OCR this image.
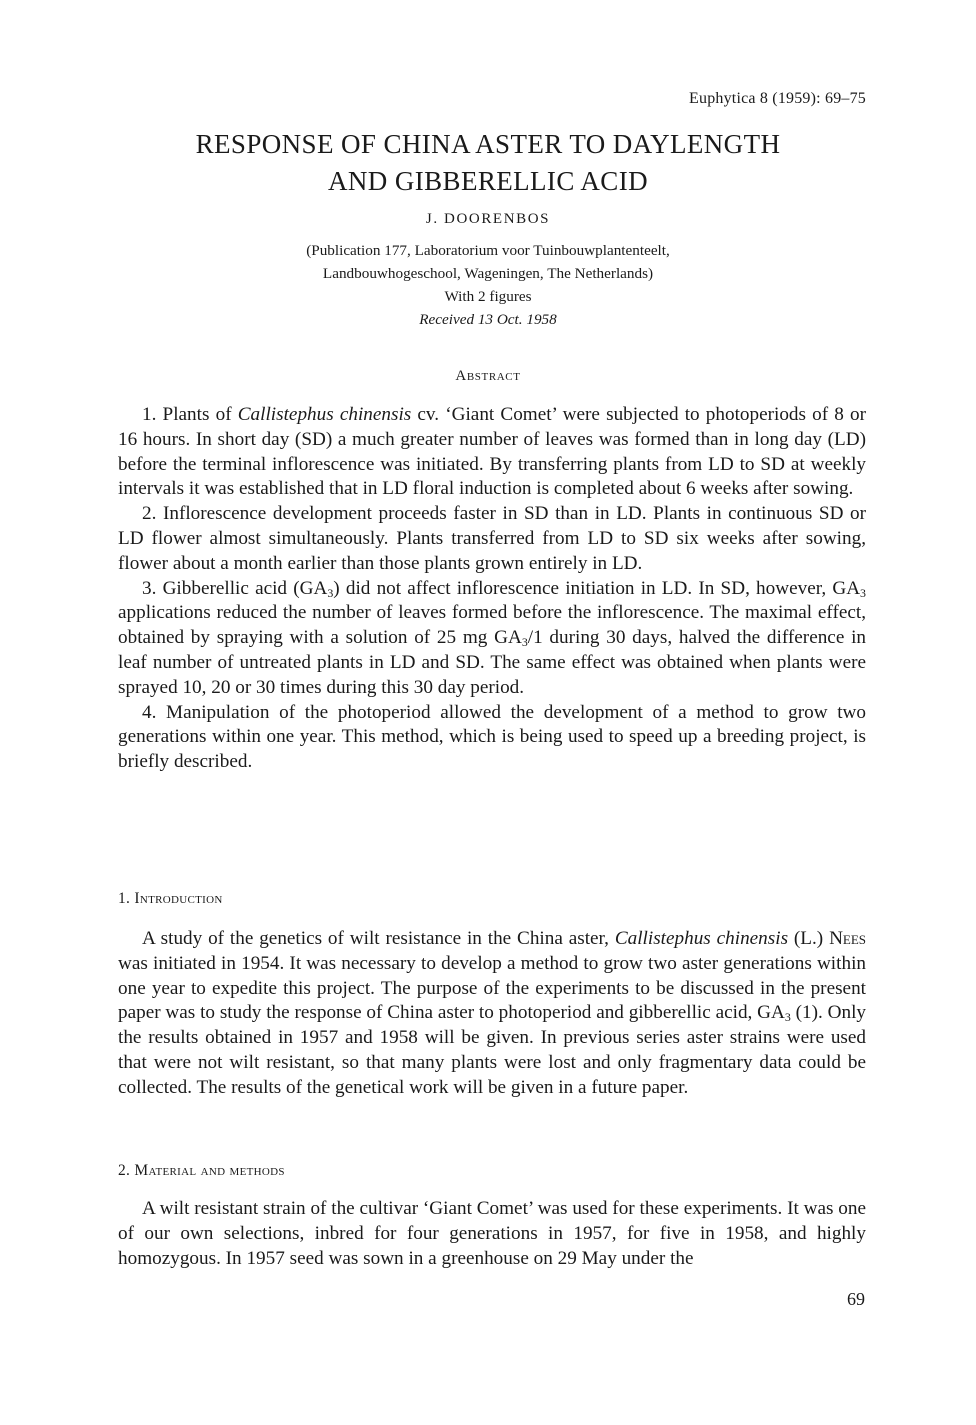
Euphytica 8 (1959): 69–75
RESPONSE OF CHINA ASTER TO DAYLENGTH
AND GIBBERELLIC ACID
J. DOORENBOS
(Publication 177, Laboratorium voor Tuinbouwplantenteelt,
Landbouwhogeschool, Wageningen, The Netherlands)
With 2 figures
Received 13 Oct. 1958
Abstract

1. Plants of Callistephus chinensis cv. ‘Giant Comet’ were subjected to photoperiods of 8 or 16 hours. In short day (SD) a much greater number of leaves was formed than in long day (LD) before the terminal inflorescence was initiated. By transferring plants from LD to SD at weekly intervals it was established that in LD floral induction is completed about 6 weeks after sowing.

2. Inflorescence development proceeds faster in SD than in LD. Plants in continuous SD or LD flower almost simultaneously. Plants transferred from LD to SD six weeks after sowing, flower about a month earlier than those plants grown entirely in LD.

3. Gibberellic acid $(GA_3)$ did not affect inflorescence initiation in LD. In SD, however, $GA_3$ applications reduced the number of leaves formed before the inflorescence. The maximal effect, obtained by spraying with a solution of 25 mg $GA_3/1$ during 30 days, halved the difference in leaf number of untreated plants in LD and SD. The same effect was obtained when plants were sprayed 10, 20 or 30 times during this 30 day period.

4. Manipulation of the photoperiod allowed the development of a method to grow two generations within one year. This method, which is being used to speed up a breeding project, is briefly described.

1. Introduction

A study of the genetics of wilt resistance in the China aster, Callistephus chinensis (L.) Nees was initiated in 1954. It was necessary to develop a method to grow two aster generations within one year to expedite this project. The purpose of the experiments to be discussed in the present paper was to study the response of China aster to photoperiod and gibberellic acid, $GA_3$ (1). Only the results obtained in 1957 and 1958 will be given. In previous series aster strains were used that were not wilt resistant, so that many plants were lost and only fragmentary data could be collected. The results of the genetical work will be given in a future paper.

2. Material and methods

A wilt resistant strain of the cultivar ‘Giant Comet’ was used for these experiments. It was one of our own selections, inbred for four generations in 1957, for five in 1958, and highly homozygous. In 1957 seed was sown in a greenhouse on 29 May under the

69
